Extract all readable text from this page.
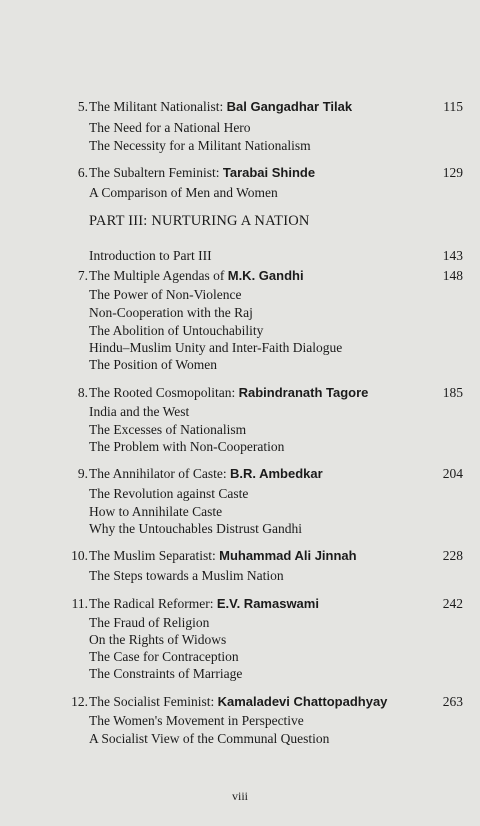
5. The Militant Nationalist: Bal Gangadhar Tilak	115
The Need for a National Hero
The Necessity for a Militant Nationalism
6. The Subaltern Feminist: Tarabai Shinde	129
A Comparison of Men and Women
PART III: NURTURING A NATION
Introduction to Part III	143
7. The Multiple Agendas of M.K. Gandhi	148
The Power of Non-Violence
Non-Cooperation with the Raj
The Abolition of Untouchability
Hindu–Muslim Unity and Inter-Faith Dialogue
The Position of Women
8. The Rooted Cosmopolitan: Rabindranath Tagore	185
India and the West
The Excesses of Nationalism
The Problem with Non-Cooperation
9. The Annihilator of Caste: B.R. Ambedkar	204
The Revolution against Caste
How to Annihilate Caste
Why the Untouchables Distrust Gandhi
10. The Muslim Separatist: Muhammad Ali Jinnah	228
The Steps towards a Muslim Nation
11. The Radical Reformer: E.V. Ramaswami	242
The Fraud of Religion
On the Rights of Widows
The Case for Contraception
The Constraints of Marriage
12. The Socialist Feminist: Kamaladevi Chattopadhyay	263
The Women's Movement in Perspective
A Socialist View of the Communal Question
viii
